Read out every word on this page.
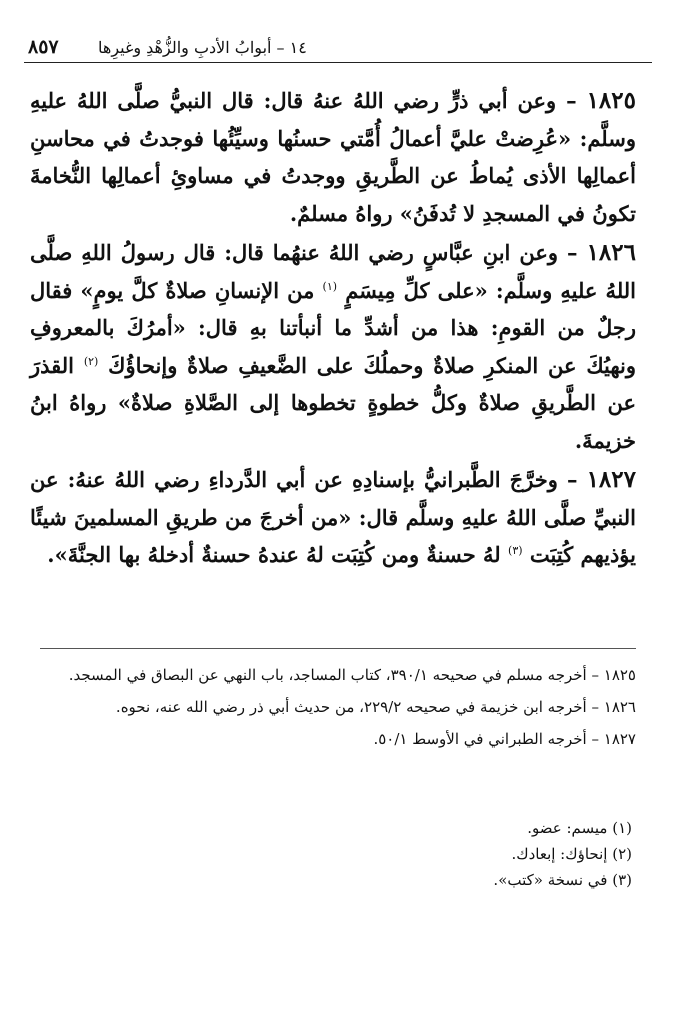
٨٥٧ ١٤ – أبوابُ الأدبِ والزُّهْدِ وغيرِها

١٨٢٥ – وعن أبي ذرٍّ رضي اللهُ عنهُ قال: قال النبيُّ صلَّى اللهُ عليهِ وسلَّم: «عُرِضتْ عليَّ أعمالُ أُمَّتي حسنُها وسيِّئُها فوجدتُ في محاسنِ أعمالِها الأذى يُماطُ عن الطَّريقِ ووجدتُ في مساوئِ أعمالِها النُّخامةَ تكونُ في المسجدِ لا تُدفَنُ» رواهُ مسلمٌ.

١٨٢٦ – وعن ابنِ عبَّاسٍ رضي اللهُ عنهُما قال: قال رسولُ اللهِ صلَّى اللهُ عليهِ وسلَّم: «على كلِّ مِيسَمٍ $^{(١)}$ من الإنسانِ صلاةٌ كلَّ يومٍ» فقال رجلٌ من القومِ: هذا من أشدِّ ما أنبأتنا بهِ قال: «أمرُكَ بالمعروفِ ونهيُكَ عن المنكرِ صلاةٌ وحملُكَ على الضَّعيفِ صلاةٌ وإنحاؤُكَ $^{(٢)}$ القذرَ عن الطَّريقِ صلاةٌ وكلُّ خطوةٍ تخطوها إلى الصَّلاةِ صلاةٌ» رواهُ ابنُ خزيمةَ.

١٨٢٧ – وخرَّجَ الطَّبرانيُّ بإسنادِهِ عن أبي الدَّرداءِ رضي اللهُ عنهُ: عن النبيِّ صلَّى اللهُ عليهِ وسلَّم قال: «من أخرجَ من طريقِ المسلمينَ شيئًا يؤذيهم كُتِبَت $^{(٣)}$ لهُ حسنةٌ ومن كُتِبَت لهُ عندهُ حسنةٌ أدخلهُ بها الجنَّةَ».

١٨٢٥ – أخرجه مسلم في صحيحه ٣٩٠/١، كتاب المساجد، باب النهي عن البصاق في المسجد.

١٨٢٦ – أخرجه ابن خزيمة في صحيحه ٢٢٩/٢، من حديث أبي ذر رضي الله عنه، نحوه.

١٨٢٧ – أخرجه الطبراني في الأوسط ٥٠/١.

(١) ميسم: عضو.
(٢) إنحاؤك: إبعادك.
(٣) في نسخة «كتب».
